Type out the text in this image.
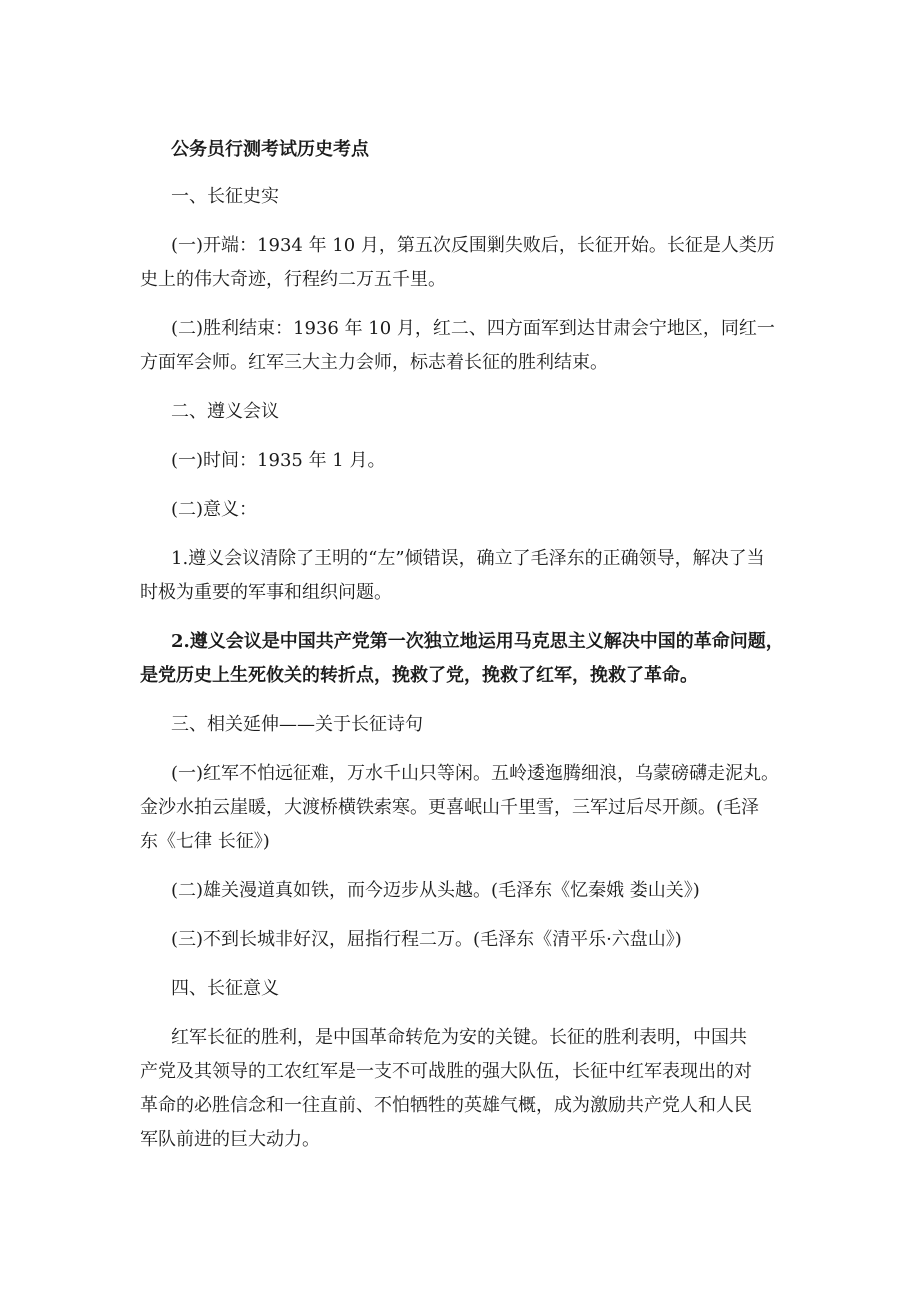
公务员行测考试历史考点
一、长征史实
(一)开端：1934 年 10 月，第五次反围剿失败后，长征开始。长征是人类历
史上的伟大奇迹，行程约二万五千里。
(二)胜利结束：1936 年 10 月，红二、四方面军到达甘肃会宁地区，同红一
方面军会师。红军三大主力会师，标志着长征的胜利结束。
二、遵义会议
(一)时间：1935 年 1 月。
(二)意义：
1.遵义会议清除了王明的“左”倾错误，确立了毛泽东的正确领导，解决了当
时极为重要的军事和组织问题。
2.遵义会议是中国共产党第一次独立地运用马克思主义解决中国的革命问题，
是党历史上生死攸关的转折点，挽救了党，挽救了红军，挽救了革命。
三、相关延伸——关于长征诗句
(一)红军不怕远征难，万水千山只等闲。五岭逶迤腾细浪，乌蒙磅礴走泥丸。
金沙水拍云崖暖，大渡桥横铁索寒。更喜岷山千里雪，三军过后尽开颜。(毛泽
东《七律 长征》)
(二)雄关漫道真如铁，而今迈步从头越。(毛泽东《忆秦娥 娄山关》)
(三)不到长城非好汉，屈指行程二万。(毛泽东《清平乐·六盘山》)
四、长征意义
红军长征的胜利，是中国革命转危为安的关键。长征的胜利表明，中国共
产党及其领导的工农红军是一支不可战胜的强大队伍，长征中红军表现出的对
革命的必胜信念和一往直前、不怕牺牲的英雄气概，成为激励共产党人和人民
军队前进的巨大动力。
